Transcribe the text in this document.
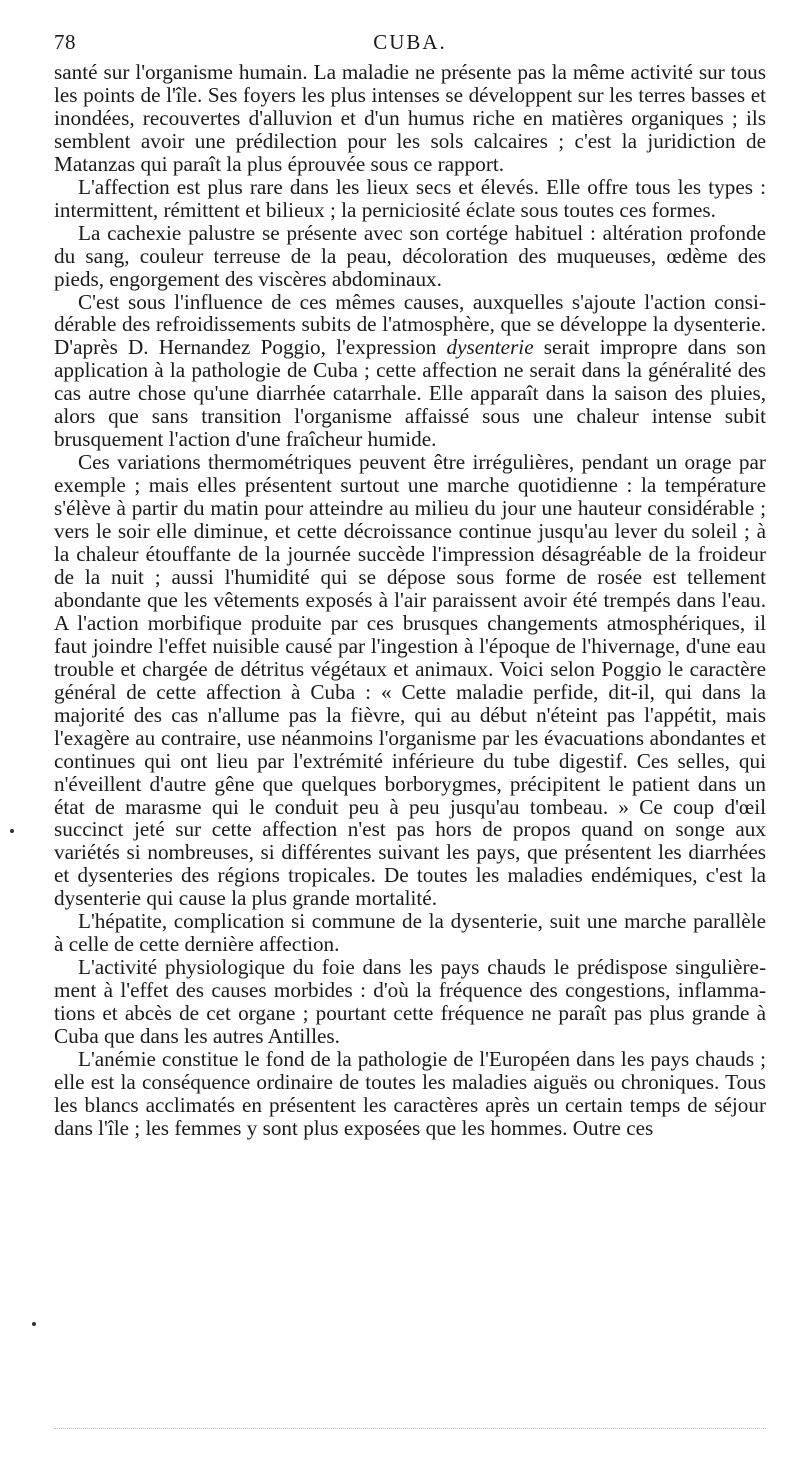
78	CUBA.

santé sur l'organisme humain. La maladie ne présente pas la même activité sur tous les points de l'île. Ses foyers les plus intenses se développent sur les terres basses et inondées, recouvertes d'alluvion et d'un humus riche en matières organiques ; ils semblent avoir une prédilection pour les sols calcaires ; c'est la juridiction de Matanzas qui paraît la plus éprouvée sous ce rapport.

L'affection est plus rare dans les lieux secs et élevés. Elle offre tous les types : intermittent, rémittent et bilieux ; la perniciosité éclate sous toutes ces formes.

La cachexie palustre se présente avec son cortége habituel : altération profonde du sang, couleur terreuse de la peau, décoloration des muqueuses, œdème des pieds, engorgement des viscères abdominaux.

C'est sous l'influence de ces mêmes causes, auxquelles s'ajoute l'action considérable des refroidissements subits de l'atmosphère, que se développe la dysenterie. D'après D. Hernandez Poggio, l'expression dysenterie serait impropre dans son application à la pathologie de Cuba ; cette affection ne serait dans la généralité des cas autre chose qu'une diarrhée catarrhale. Elle apparaît dans la saison des pluies, alors que sans transition l'organisme affaissé sous une chaleur intense subit brusquement l'action d'une fraîcheur humide.

Ces variations thermométriques peuvent être irrégulières, pendant un orage par exemple ; mais elles présentent surtout une marche quotidienne : la température s'élève à partir du matin pour atteindre au milieu du jour une hauteur considérable ; vers le soir elle diminue, et cette décroissance continue jusqu'au lever du soleil ; à la chaleur étouffante de la journée succède l'impression désagréable de la froideur de la nuit ; aussi l'humidité qui se dépose sous forme de rosée est tellement abondante que les vêtements exposés à l'air paraissent avoir été trempés dans l'eau. A l'action morbifique produite par ces brusques changements atmosphériques, il faut joindre l'effet nuisible causé par l'ingestion à l'époque de l'hivernage, d'une eau trouble et chargée de détritus végétaux et animaux. Voici selon Poggio le caractère général de cette affection à Cuba : « Cette maladie perfide, dit-il, qui dans la majorité des cas n'allume pas la fièvre, qui au début n'éteint pas l'appétit, mais l'exagère au contraire, use néanmoins l'organisme par les évacuations abondantes et continues qui ont lieu par l'extrémité inférieure du tube digestif. Ces selles, qui n'éveillent d'autre gêne que quelques borborygmes, précipitent le patient dans un état de marasme qui le conduit peu à peu jusqu'au tombeau. » Ce coup d'œil succinct jeté sur cette affection n'est pas hors de propos quand on songe aux variétés si nombreuses, si différentes suivant les pays, que présentent les diarrhées et dysenteries des régions tropicales. De toutes les maladies endémiques, c'est la dysenterie qui cause la plus grande mortalité.

L'hépatite, complication si commune de la dysenterie, suit une marche parallèle à celle de cette dernière affection.

L'activité physiologique du foie dans les pays chauds le prédispose singulièrement à l'effet des causes morbides : d'où la fréquence des congestions, inflammations et abcès de cet organe ; pourtant cette fréquence ne paraît pas plus grande à Cuba que dans les autres Antilles.

L'anémie constitue le fond de la pathologie de l'Européen dans les pays chauds ; elle est la conséquence ordinaire de toutes les maladies aiguës ou chroniques. Tous les blancs acclimatés en présentent les caractères après un certain temps de séjour dans l'île ; les femmes y sont plus exposées que les hommes. Outre ces
